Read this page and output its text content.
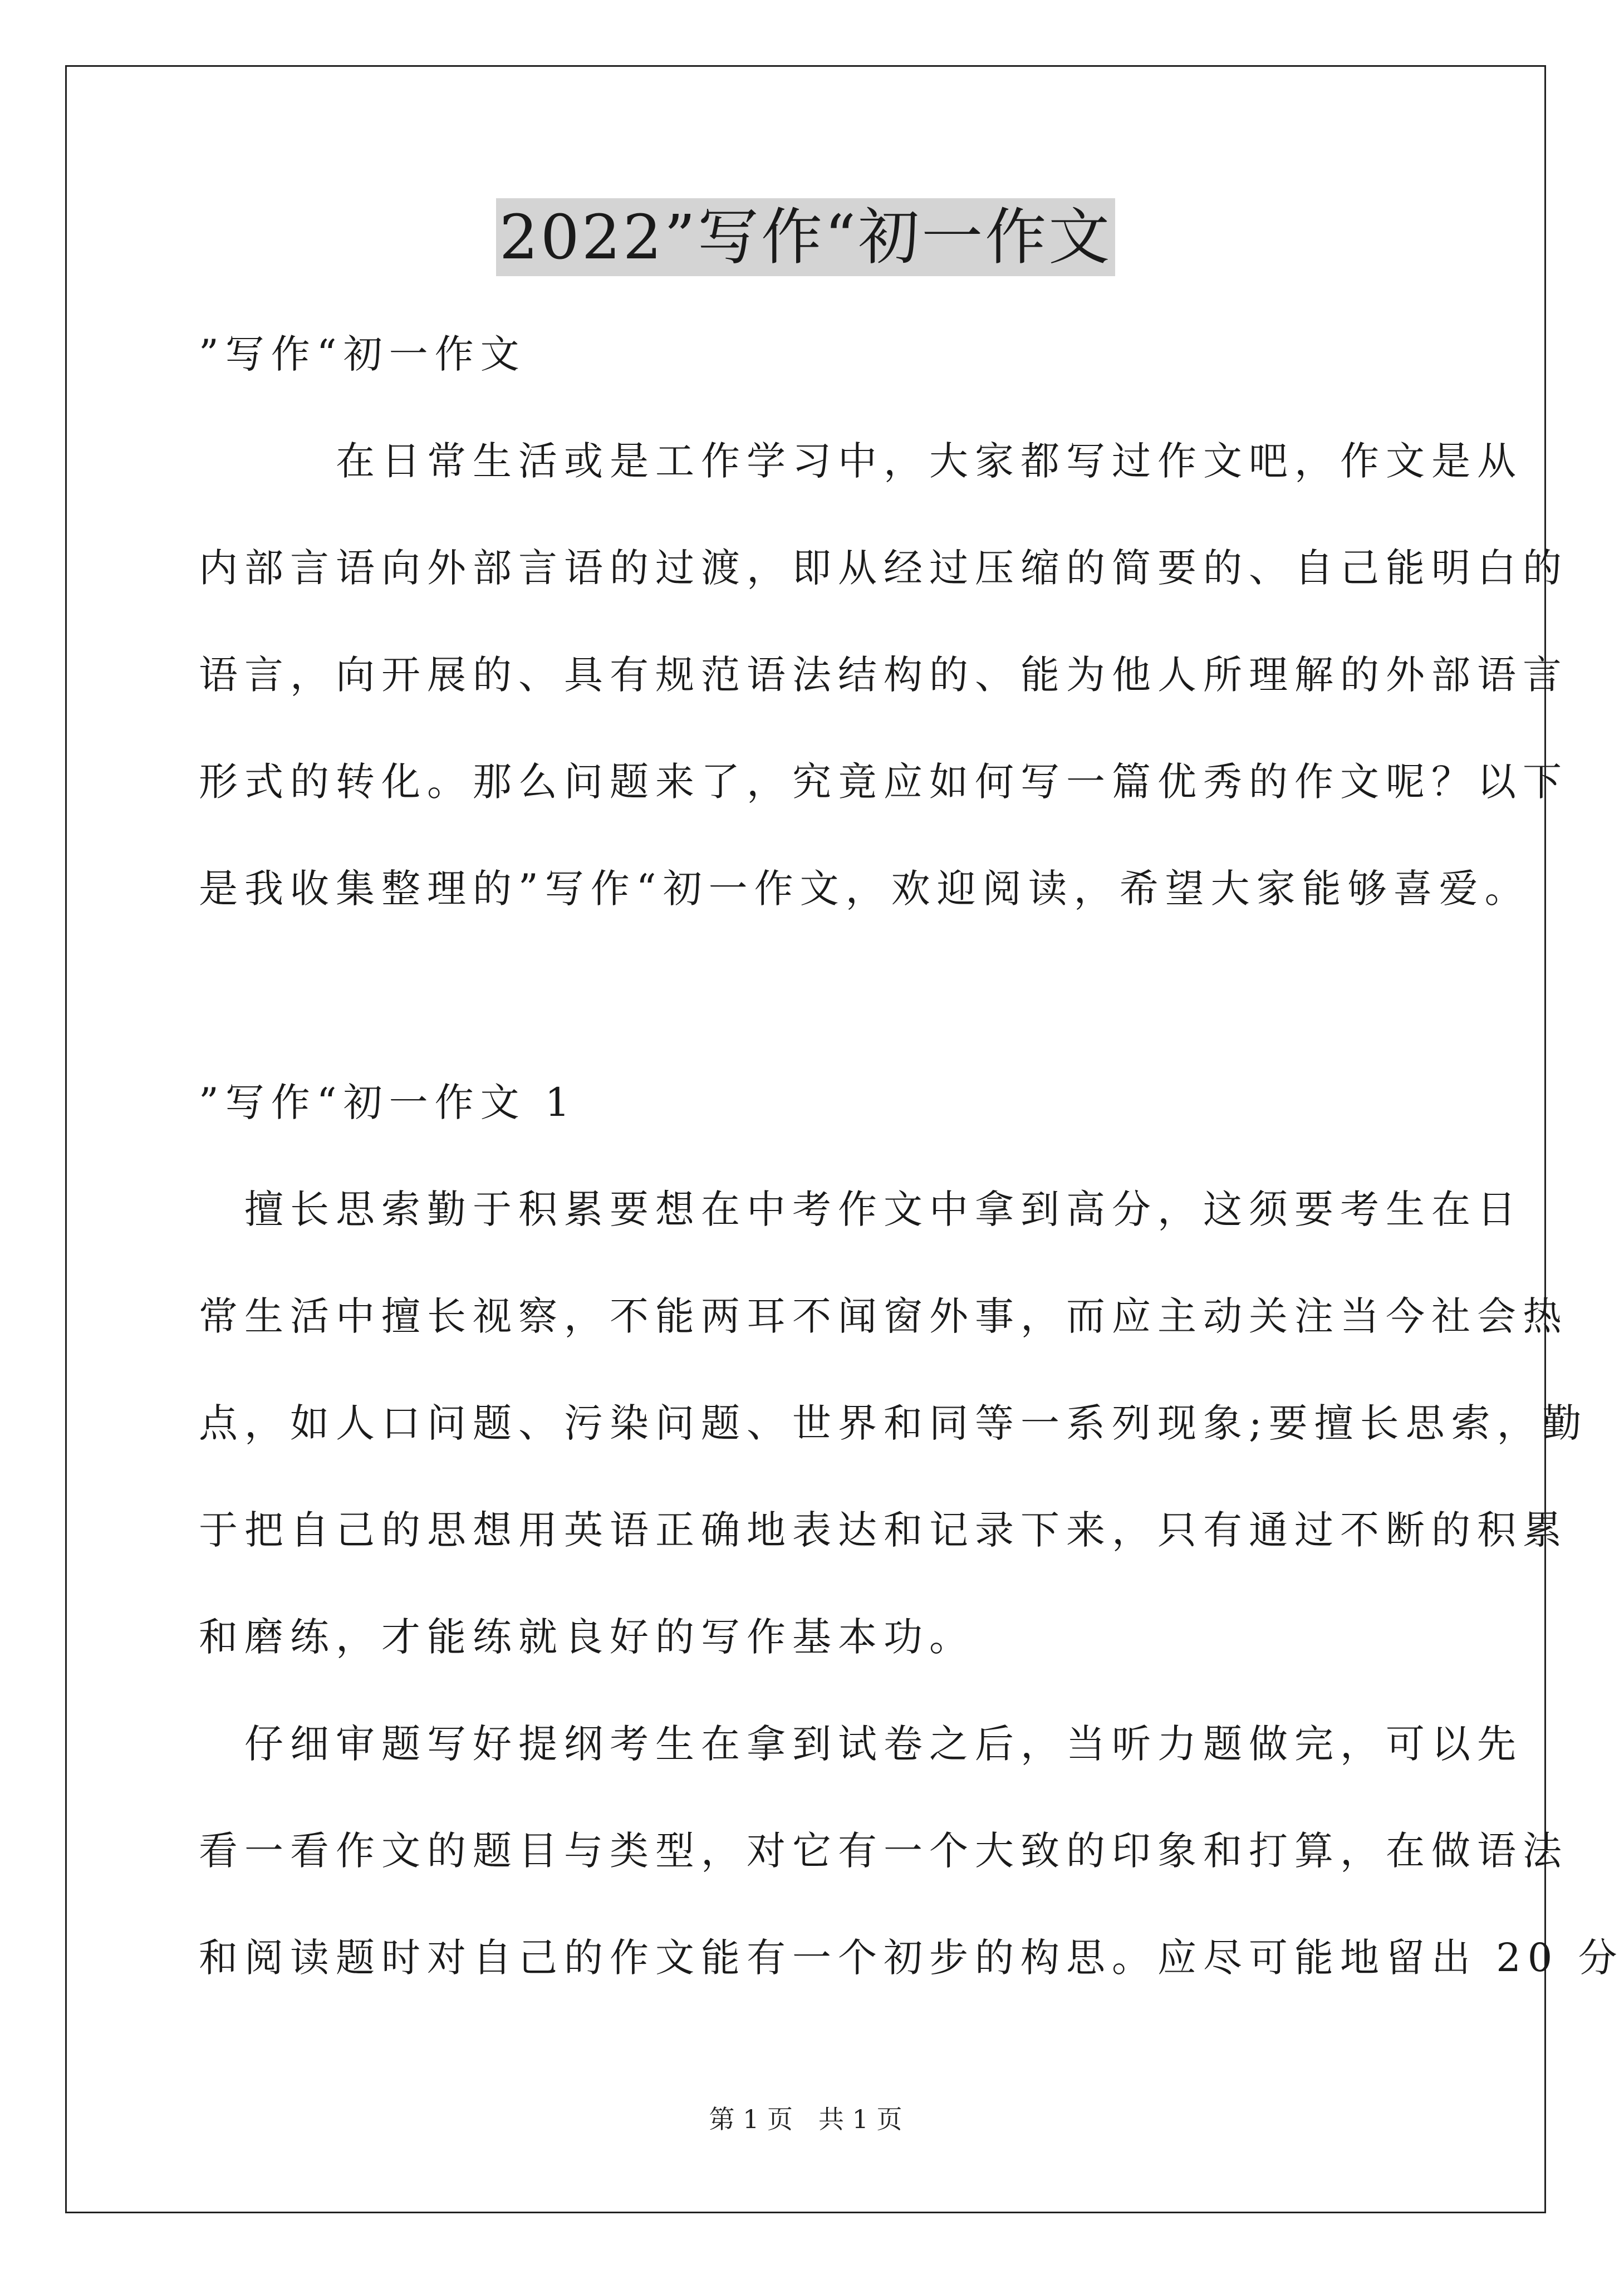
2022”写作“初一作文
”写作“初一作文
　　　在日常生活或是工作学习中，大家都写过作文吧，作文是从
内部言语向外部言语的过渡，即从经过压缩的简要的、自己能明白的
语言，向开展的、具有规范语法结构的、能为他人所理解的外部语言
形式的转化。那么问题来了，究竟应如何写一篇优秀的作文呢？以下
是我收集整理的”写作“初一作文，欢迎阅读，希望大家能够喜爱。
”写作“初一作文 1
　擅长思索勤于积累要想在中考作文中拿到高分，这须要考生在日
常生活中擅长视察，不能两耳不闻窗外事，而应主动关注当今社会热
点，如人口问题、污染问题、世界和同等一系列现象;要擅长思索，勤
于把自己的思想用英语正确地表达和记录下来，只有通过不断的积累
和磨练，才能练就良好的写作基本功。
　仔细审题写好提纲考生在拿到试卷之后，当听力题做完，可以先
看一看作文的题目与类型，对它有一个大致的印象和打算，在做语法
和阅读题时对自己的作文能有一个初步的构思。应尽可能地留出 20 分
第 1 页　共 1 页
